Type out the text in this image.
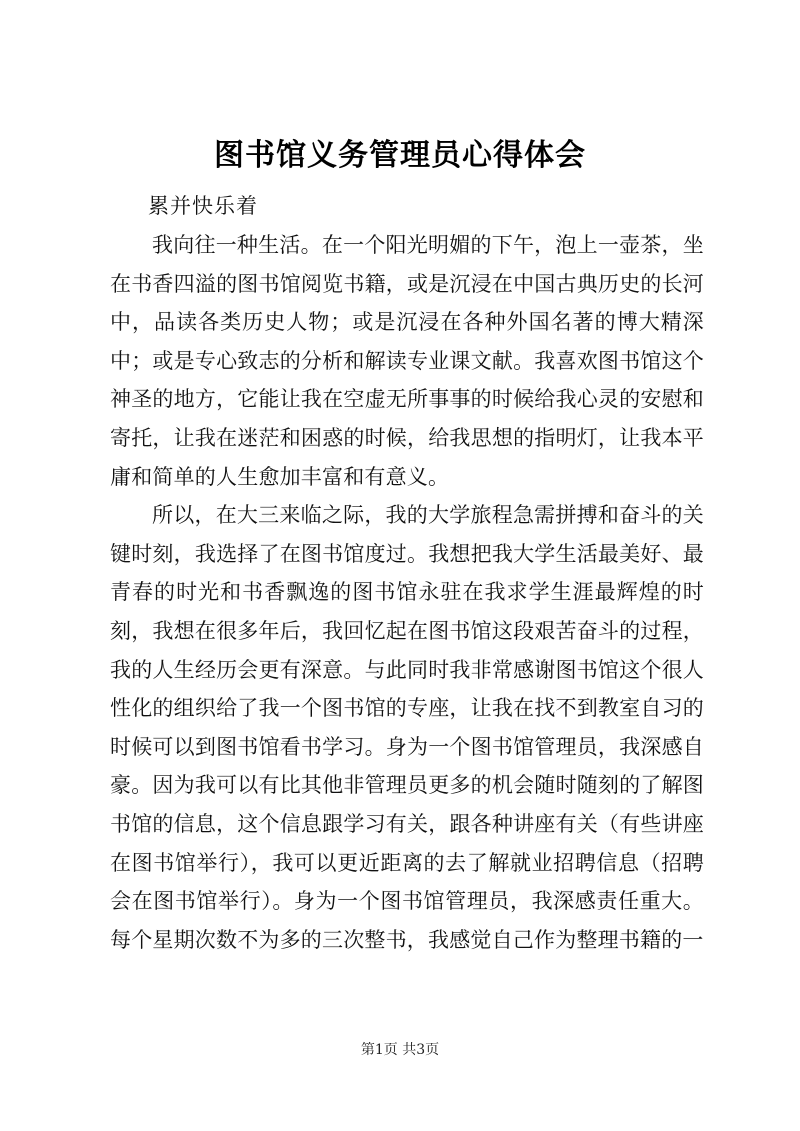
图书馆义务管理员心得体会
累并快乐着

我向往一种生活。在一个阳光明媚的下午，泡上一壶茶，坐在书香四溢的图书馆阅览书籍，或是沉浸在中国古典历史的长河中，品读各类历史人物；或是沉浸在各种外国名著的博大精深中；或是专心致志的分析和解读专业课文献。我喜欢图书馆这个神圣的地方，它能让我在空虚无所事事的时候给我心灵的安慰和寄托，让我在迷茫和困惑的时候，给我思想的指明灯，让我本平庸和简单的人生愈加丰富和有意义。

所以，在大三来临之际，我的大学旅程急需拼搏和奋斗的关键时刻，我选择了在图书馆度过。我想把我大学生活最美好、最青春的时光和书香飘逸的图书馆永驻在我求学生涯最辉煌的时刻，我想在很多年后，我回忆起在图书馆这段艰苦奋斗的过程，我的人生经历会更有深意。与此同时我非常感谢图书馆这个很人性化的组织给了我一个图书馆的专座，让我在找不到教室自习的时候可以到图书馆看书学习。身为一个图书馆管理员，我深感自豪。因为我可以有比其他非管理员更多的机会随时随刻的了解图书馆的信息，这个信息跟学习有关，跟各种讲座有关（有些讲座在图书馆举行），我可以更近距离的去了解就业招聘信息（招聘会在图书馆举行）。身为一个图书馆管理员，我深感责任重大。每个星期次数不为多的三次整书，我感觉自己作为整理书籍的一

第1页 共3页
